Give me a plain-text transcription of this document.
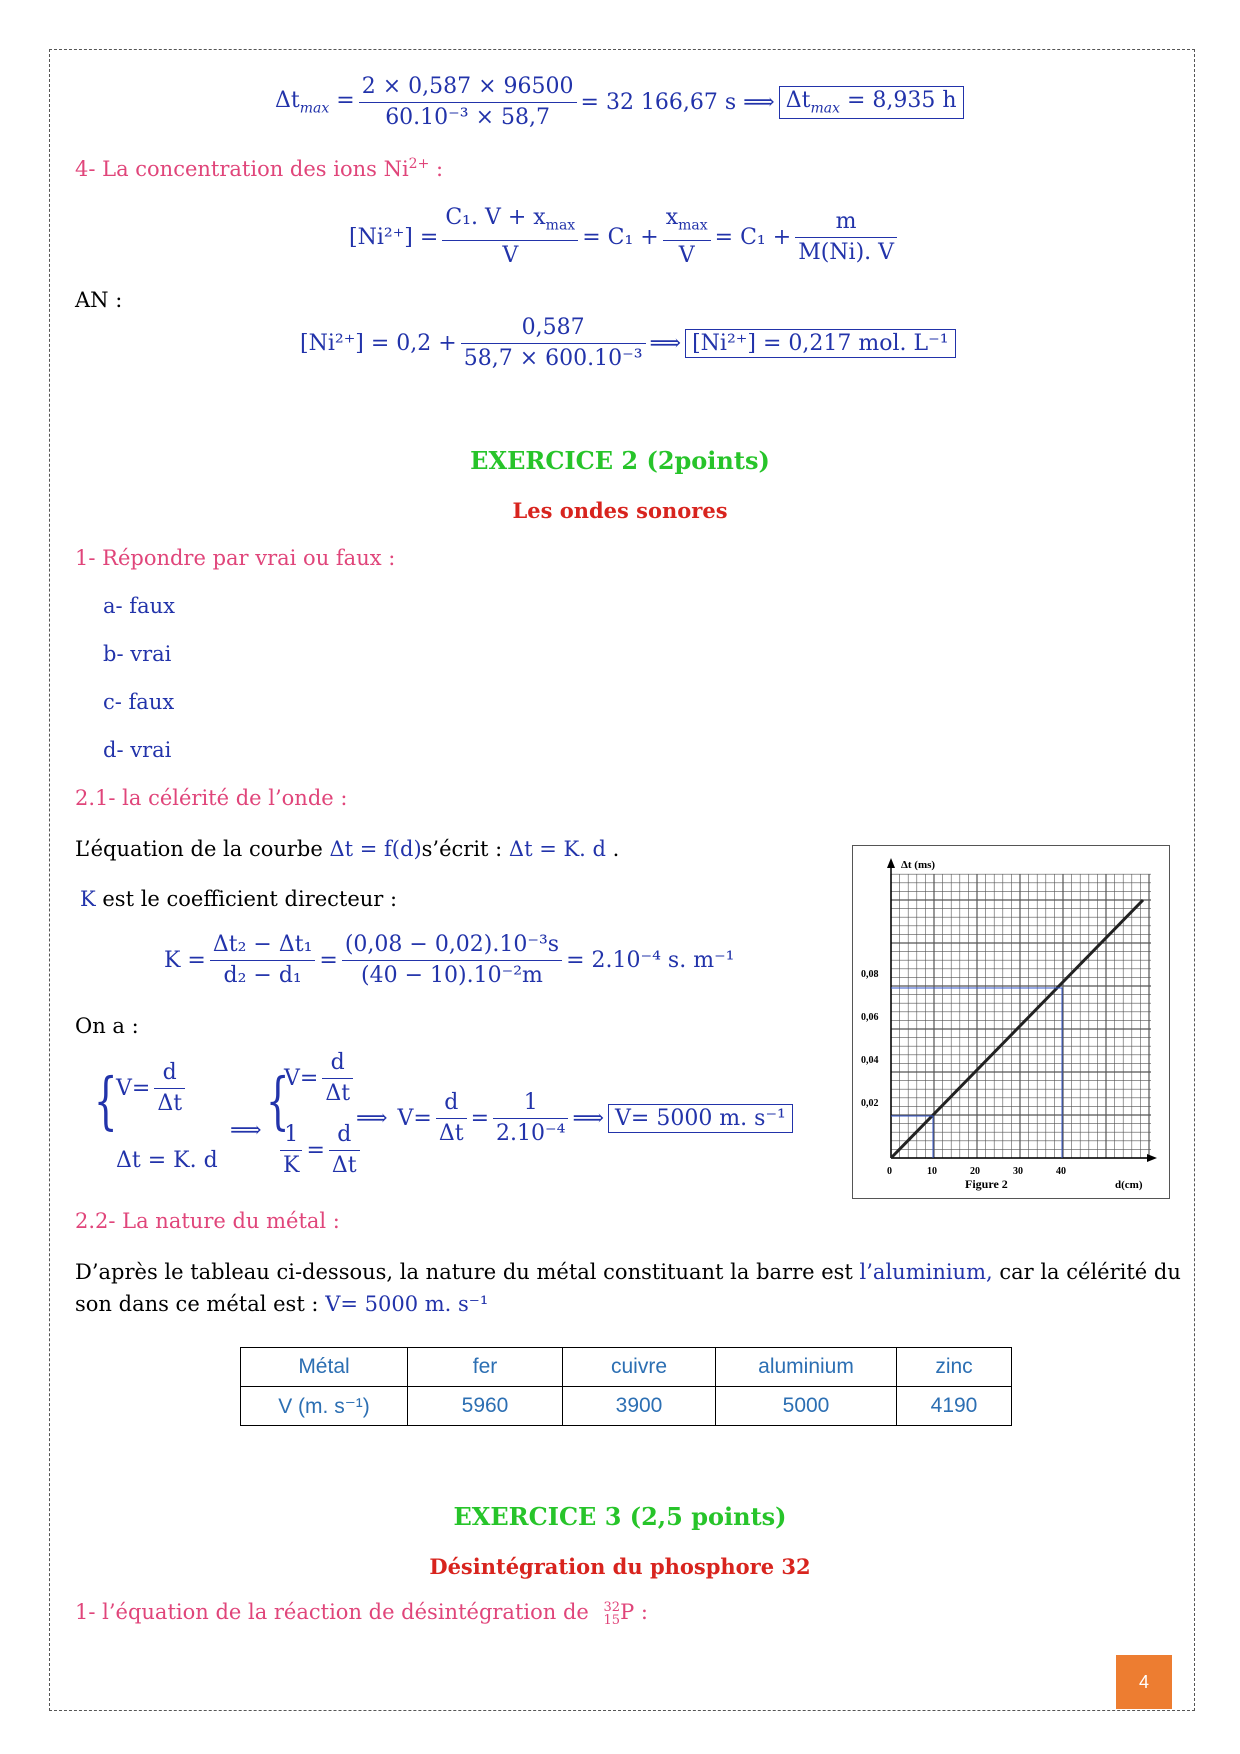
$\Delta t_{max} = \frac{2 \times 0,587 \times 96500}{\text{60.10⁻³ × 58,7}} = 32$ 166,67 s ⟹ $\Delta t_{max} = 8,935$ h
4- La concentration des ions $Ni^{2+}$ :
$[Ni^{2+}] = \frac{C_1. V + x_{max}}{V} = C_1 + \frac{x_{max}}{V} = C_1 + \frac{m}{M(Ni). V}$
AN :
$[Ni^{2+}] = 0,2 + \frac{0,587}{\text{58,7 × 600.10⁻³}}$ ⟹ [Ni²⁺] = 0,217 mol. L⁻¹
EXERCICE 2 (2points)
Les ondes sonores
1- Répondre par vrai ou faux :
a- faux
b- vrai
c- faux
d- vrai
2.1- la célérité de l’onde :
L’équation de la courbe Δt = f(d)s’écrit : Δt = K. d .
K est le coefficient directeur :
$K = \frac{\text{Δt₂ − Δt₁}}{\text{d₂ − d₁}} = \frac{\text{(0,08 − 0,02).10⁻³s}}{\text{(40 − 10).10⁻²m}} = 2.10^{-4}$ s. m⁻¹
On a :
{
$V= \frac{d}{\Delta t}$
Δt = K. d
⟹ {
$V= \frac{d}{\Delta t}$
$\frac{1}{K} = \frac{d}{\Delta t}$
⟹ $V= \frac{d}{\Delta t} = \frac{1}{\text{2.10⁻⁴}}$ ⟹ V= 5000 m. s⁻¹
Δt (ms)
d(cm)
0,08
0,06
0,04
0,02
0	10	20	30	40
Figure 2
2.2- La nature du métal :
D’après le tableau ci-dessous, la nature du métal constituant la barre est l’aluminium, car la célérité du
son dans ce métal est : V= 5000 m. s⁻¹
Métal	fer	cuivre	aluminium	zinc
V (m. s⁻¹)	5960	3900	5000	4190
EXERCICE 3 (2,5 points)
Désintégration du phosphore 32
1- l’équation de la réaction de désintégration de 32
15 P :
4
